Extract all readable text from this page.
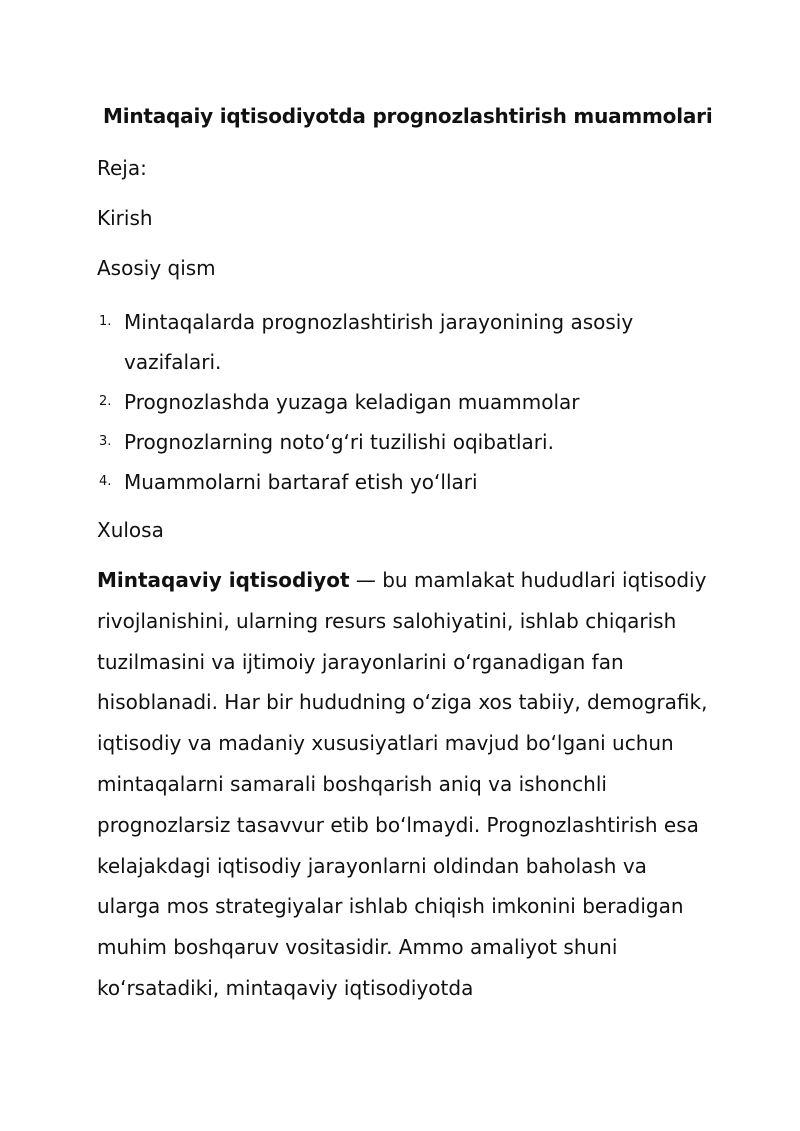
Mintaqaiy iqtisodiyotda prognozlashtirish muammolari
Reja:
Kirish
Asosiy qism
1. Mintaqalarda prognozlashtirish jarayonining asosiy vazifalari.
2. Prognozlashda yuzaga keladigan muammolar
3. Prognozlarning noto‘g‘ri tuzilishi oqibatlari.
4. Muammolarni bartaraf etish yo‘llari
Xulosa

Mintaqaviy iqtisodiyot — bu mamlakat hududlari iqtisodiy rivojlanishini, ularning resurs salohiyatini, ishlab chiqarish tuzilmasini va ijtimoiy jarayonlarini o‘rganadigan fan hisoblanadi. Har bir hududning o‘ziga xos tabiiy, demografik, iqtisodiy va madaniy xususiyatlari mavjud bo‘lgani uchun mintaqalarni samarali boshqarish aniq va ishonchli prognozlarsiz tasavvur etib bo‘lmaydi. Prognozlashtirish esa kelajakdagi iqtisodiy jarayonlarni oldindan baholash va ularga mos strategiyalar ishlab chiqish imkonini beradigan muhim boshqaruv vositasidir. Ammo amaliyot shuni ko‘rsatadiki, mintaqaviy iqtisodiyotda
